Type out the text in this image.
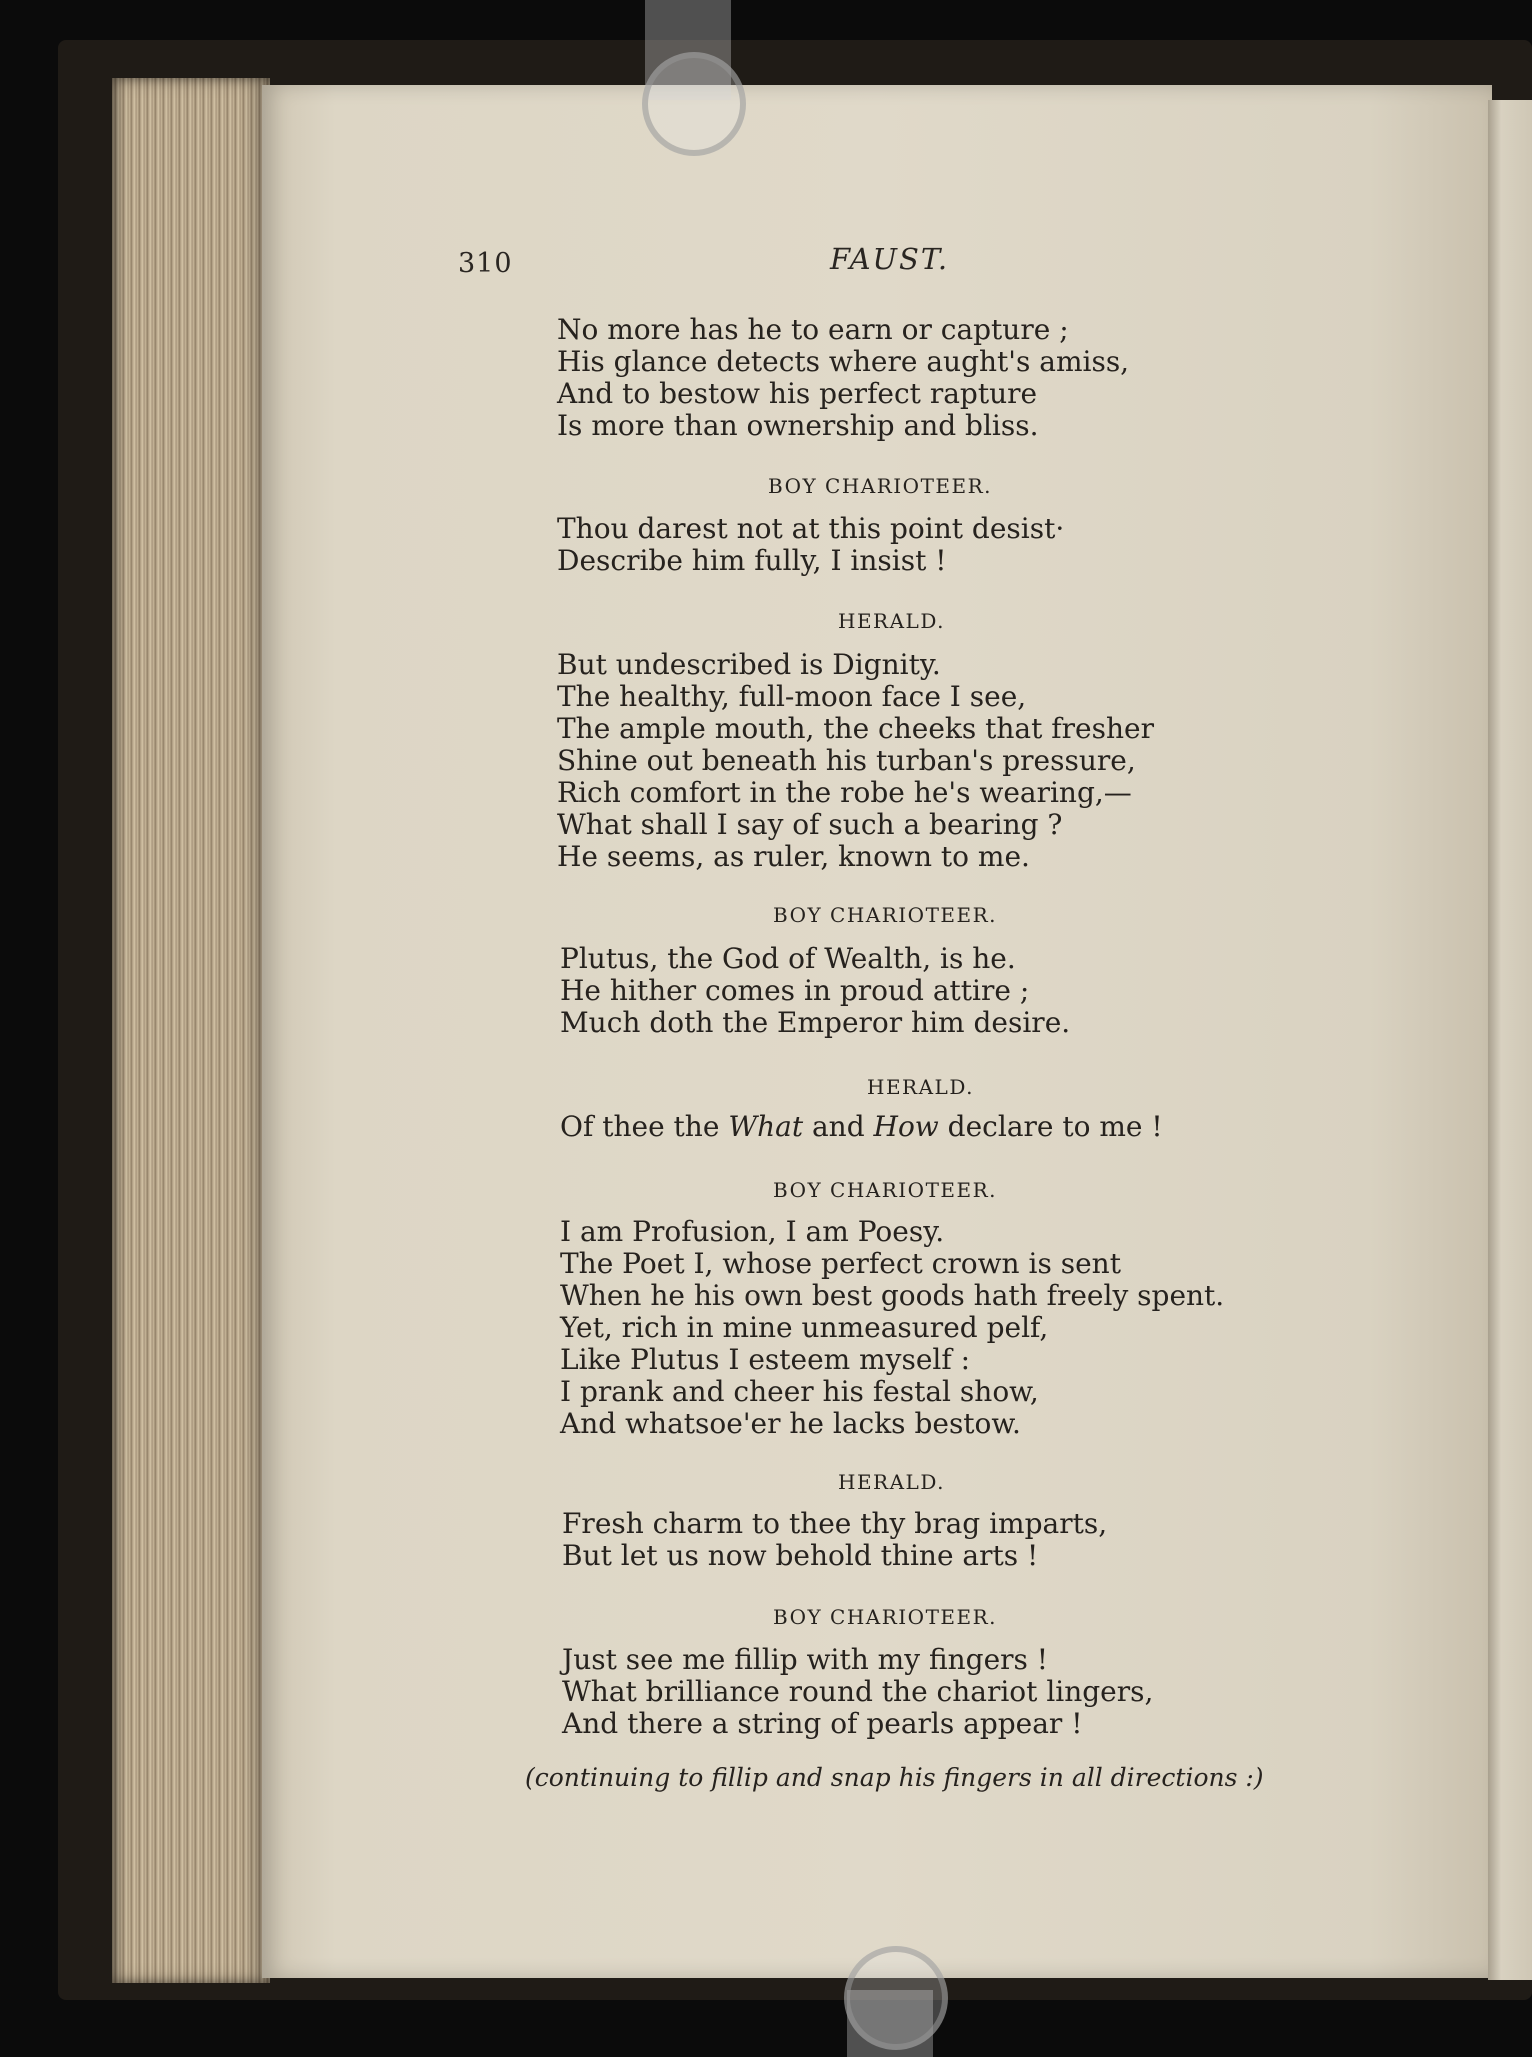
310	FAUST.
No more has he to earn or capture ;
His glance detects where aught's amiss,
And to bestow his perfect rapture
Is more than ownership and bliss.
BOY CHARIOTEER.
Thou darest not at this point desist·
Describe him fully, I insist !
HERALD.
But undescribed is Dignity.
The healthy, full-moon face I see,
The ample mouth, the cheeks that fresher
Shine out beneath his turban's pressure,
Rich comfort in the robe he's wearing,—
What shall I say of such a bearing ?
He seems, as ruler, known to me.
BOY CHARIOTEER.
Plutus, the God of Wealth, is he.
He hither comes in proud attire ;
Much doth the Emperor him desire.
HERALD.
Of thee the What and How declare to me !
BOY CHARIOTEER.
I am Profusion, I am Poesy.
The Poet I, whose perfect crown is sent
When he his own best goods hath freely spent.
Yet, rich in mine unmeasured pelf,
Like Plutus I esteem myself :
I prank and cheer his festal show,
And whatsoe'er he lacks bestow.
HERALD.
Fresh charm to thee thy brag imparts,
But let us now behold thine arts !
BOY CHARIOTEER.
Just see me fillip with my fingers !
What brilliance round the chariot lingers,
And there a string of pearls appear !
(continuing to fillip and snap his fingers in all directions :)
